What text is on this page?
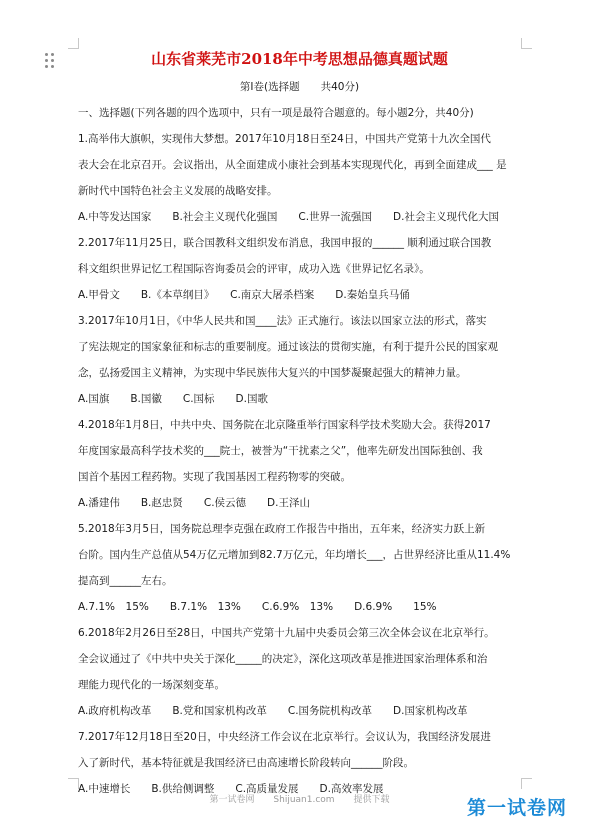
山东省莱芜市2018年中考思想品德真题试题
第Ⅰ卷(选择题　　共40分)
一、选择题(下列各题的四个选项中，只有一项是最符合题意的。每小题2分，共40分)
1.高举伟大旗帜，实现伟大梦想。2017年10月18日至24日，中国共产党第十九次全国代
表大会在北京召开。会议指出，从全面建成小康社会到基本实现现代化，再到全面建成___ 是
新时代中国特色社会主义发展的战略安排。
A.中等发达国家　　B.社会主义现代化强国　　C.世界一流强国　　D.社会主义现代化大国
2.2017年11月25日，联合国教科文组织发布消息，我国申报的______ 顺利通过联合国教
科文组织世界记忆工程国际咨询委员会的评审，成功入选《世界记忆名录》。
A.甲骨文　　B.《本草纲目》　　C.南京大屠杀档案　　D.秦始皇兵马俑
3.2017年10月1日，《中华人民共和国____法》正式施行。该法以国家立法的形式，落实
了宪法规定的国家象征和标志的重要制度。通过该法的贯彻实施，有利于提升公民的国家观
念，弘扬爱国主义精神，为实现中华民族伟大复兴的中国梦凝聚起强大的精神力量。
A.国旗　　B.国徽　　C.国标　　D.国歌
4.2018年1月8日，中共中央、国务院在北京隆重举行国家科学技术奖励大会。获得2017
年度国家最高科学技术奖的___院士，被誉为“干扰素之父”，他率先研发出国际独创、我
国首个基因工程药物。实现了我国基因工程药物零的突破。
A.潘建伟　　B.赵忠贤　　C.侯云德　　D.王泽山
5.2018年3月5日，国务院总理李克强在政府工作报告中指出，五年来，经济实力跃上新
台阶。国内生产总值从54万亿元增加到82.7万亿元，年均增长___，占世界经济比重从11.4%
提高到______左右。
A.7.1%　15%　　B.7.1%　13%　　C.6.9%　13%　　D.6.9%　　15%
6.2018年2月26日至28日，中国共产党第十九届中央委员会第三次全体会议在北京举行。
全会议通过了《中共中央关于深化_____的决定》，深化这项改革是推进国家治理体系和治
理能力现代化的一场深刻变革。
A.政府机构改革　　B.党和国家机构改革　　C.国务院机构改革　　D.国家机构改革
7.2017年12月18日至20日，中央经济工作会议在北京举行。会议认为，我国经济发展进
入了新时代，基本特征就是我国经济已由高速增长阶段转向______阶段。
A.中速增长　　B.供给侧调整　　C.高质量发展　　D.高效率发展
第一试卷网 Shijuan1.com 提供下载	第一试卷网
